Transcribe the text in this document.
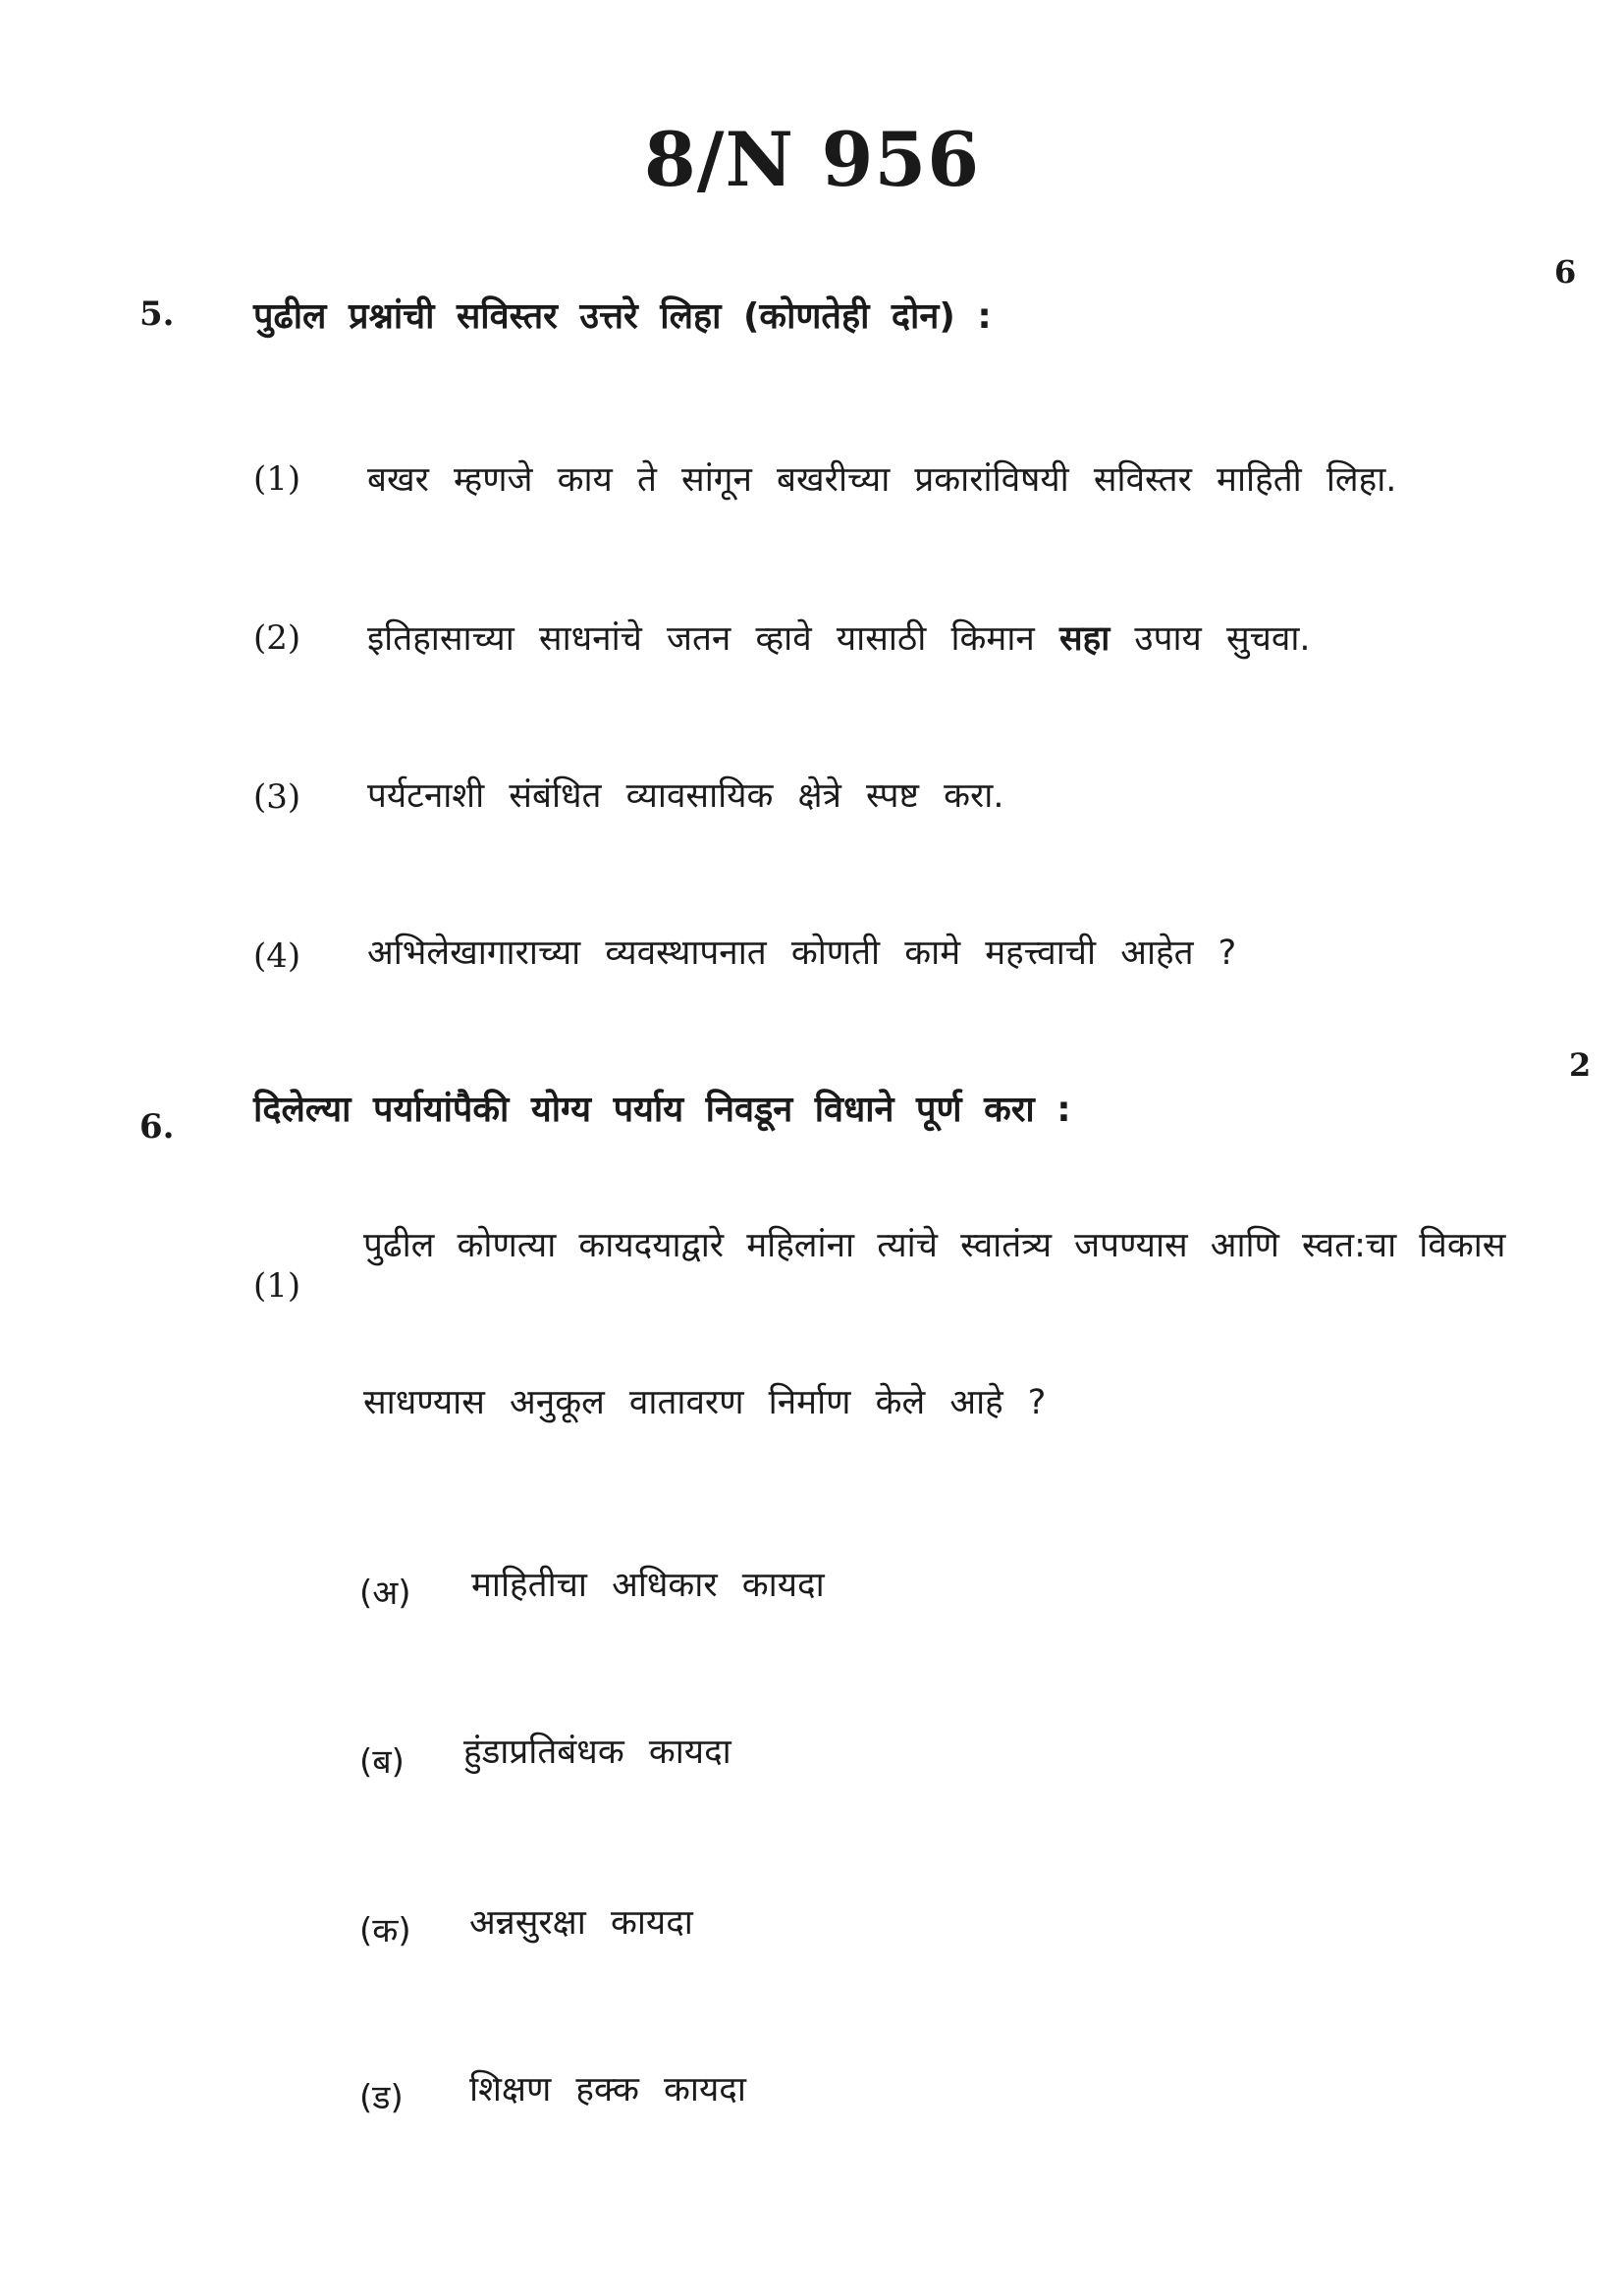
8/N 956
6
5. पुढील प्रश्नांची सविस्तर उत्तरे लिहा (कोणतेही दोन) :
(1) बखर म्हणजे काय ते सांगून बखरीच्या प्रकारांविषयी सविस्तर माहिती लिहा.
(2) इतिहासाच्या साधनांचे जतन व्हावे यासाठी किमान सहा उपाय सुचवा.
(3) पर्यटनाशी संबंधित व्यावसायिक क्षेत्रे स्पष्ट करा.
(4) अभिलेखागाराच्या व्यवस्थापनात कोणती कामे महत्त्वाची आहेत ?
2
6. दिलेल्या पर्यायांपैकी योग्य पर्याय निवडून विधाने पूर्ण करा :
(1)
पुढील कोणत्या कायदयाद्वारे महिलांना त्यांचे स्वातंत्र्य जपण्यास आणि स्वत:चा विकास
साधण्यास अनुकूल वातावरण निर्माण केले आहे ?
(अ) माहितीचा अधिकार कायदा
(ब) हुंडाप्रतिबंधक कायदा
(क) अन्नसुरक्षा कायदा
(ड) शिक्षण हक्क कायदा
